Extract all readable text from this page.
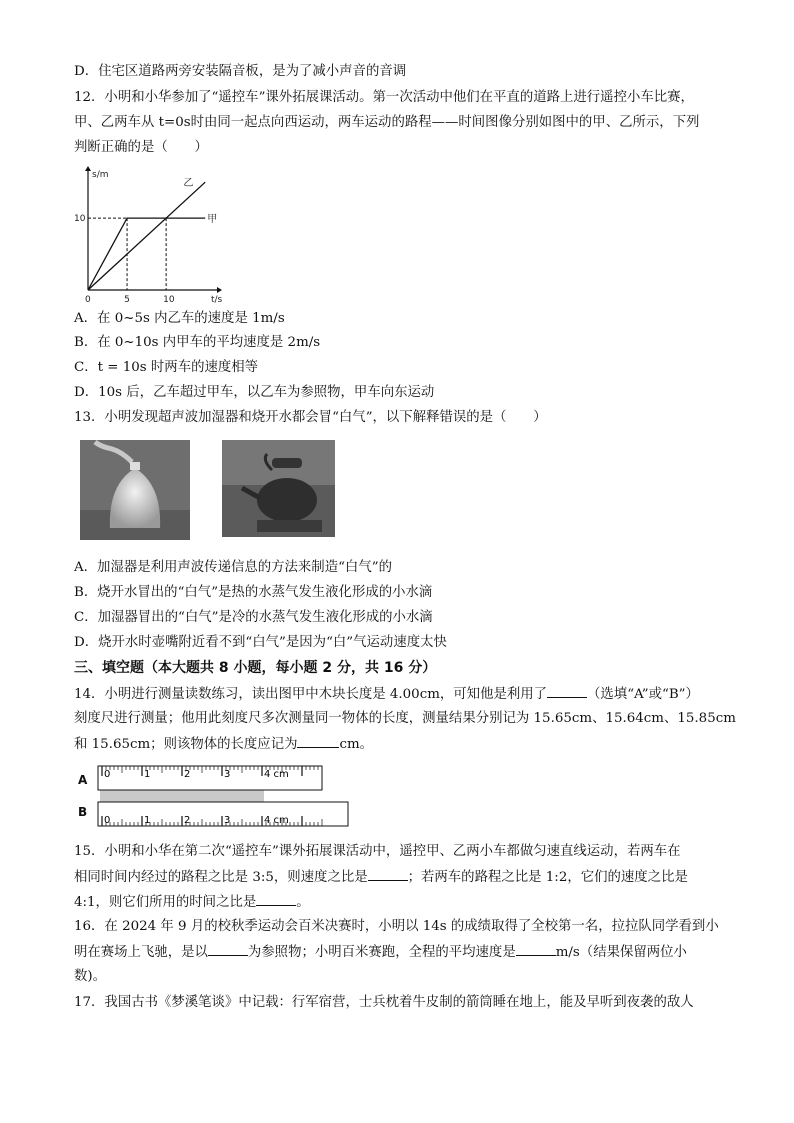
D．住宅区道路两旁安装隔音板，是为了减小声音的音调
12．小明和小华参加了“遥控车”课外拓展课活动。第一次活动中他们在平直的道路上进行遥控小车比赛，
甲、乙两车从 t=0s时由同一起点向西运动，两车运动的路程——时间图像分别如图中的甲、乙所示，下列
判断正确的是（　　）
s/m
t/s
0	5	10
10	甲
乙
A．在 0~5s 内乙车的速度是 1m/s
B．在 0~10s 内甲车的平均速度是 2m/s
C．t = 10s 时两车的速度相等
D．10s 后，乙车超过甲车，以乙车为参照物，甲车向东运动
13．小明发现超声波加湿器和烧开水都会冒“白气”，以下解释错误的是（　　）
A．加湿器是利用声波传递信息的方法来制造“白气”的
B．烧开水冒出的“白气”是热的水蒸气发生液化形成的小水滴
C．加湿器冒出的“白气”是冷的水蒸气发生液化形成的小水滴
D．烧开水时壶嘴附近看不到“白气”是因为“白”气运动速度太快
三、填空题（本大题共 8 小题，每小题 2 分，共 16 分）
14．小明进行测量读数练习，读出图甲中木块长度是 4.00cm，可知他是利用了	（选填“A”或“B”）
刻度尺进行测量；他用此刻度尺多次测量同一物体的长度，测量结果分别记为 15.65cm、15.64cm、15.85cm
和 15.65cm；则该物体的长度应记为	cm。
A
B
0	1	2	3	4 cm
0	1	2	3	4 cm
15．小明和小华在第二次“遥控车”课外拓展课活动中，遥控甲、乙两小车都做匀速直线运动，若两车在
相同时间内经过的路程之比是 3:5，则速度之比是	；若两车的路程之比是 1:2，它们的速度之比是
4:1，则它们所用的时间之比是	。
16．在 2024 年 9 月的校秋季运动会百米决赛时，小明以 14s 的成绩取得了全校第一名，拉拉队同学看到小
明在赛场上飞驰，是以	为参照物；小明百米赛跑，全程的平均速度是	m/s（结果保留两位小
数)。
17．我国古书《梦溪笔谈》中记载：行军宿营，士兵枕着牛皮制的箭筒睡在地上，能及早听到夜袭的敌人
